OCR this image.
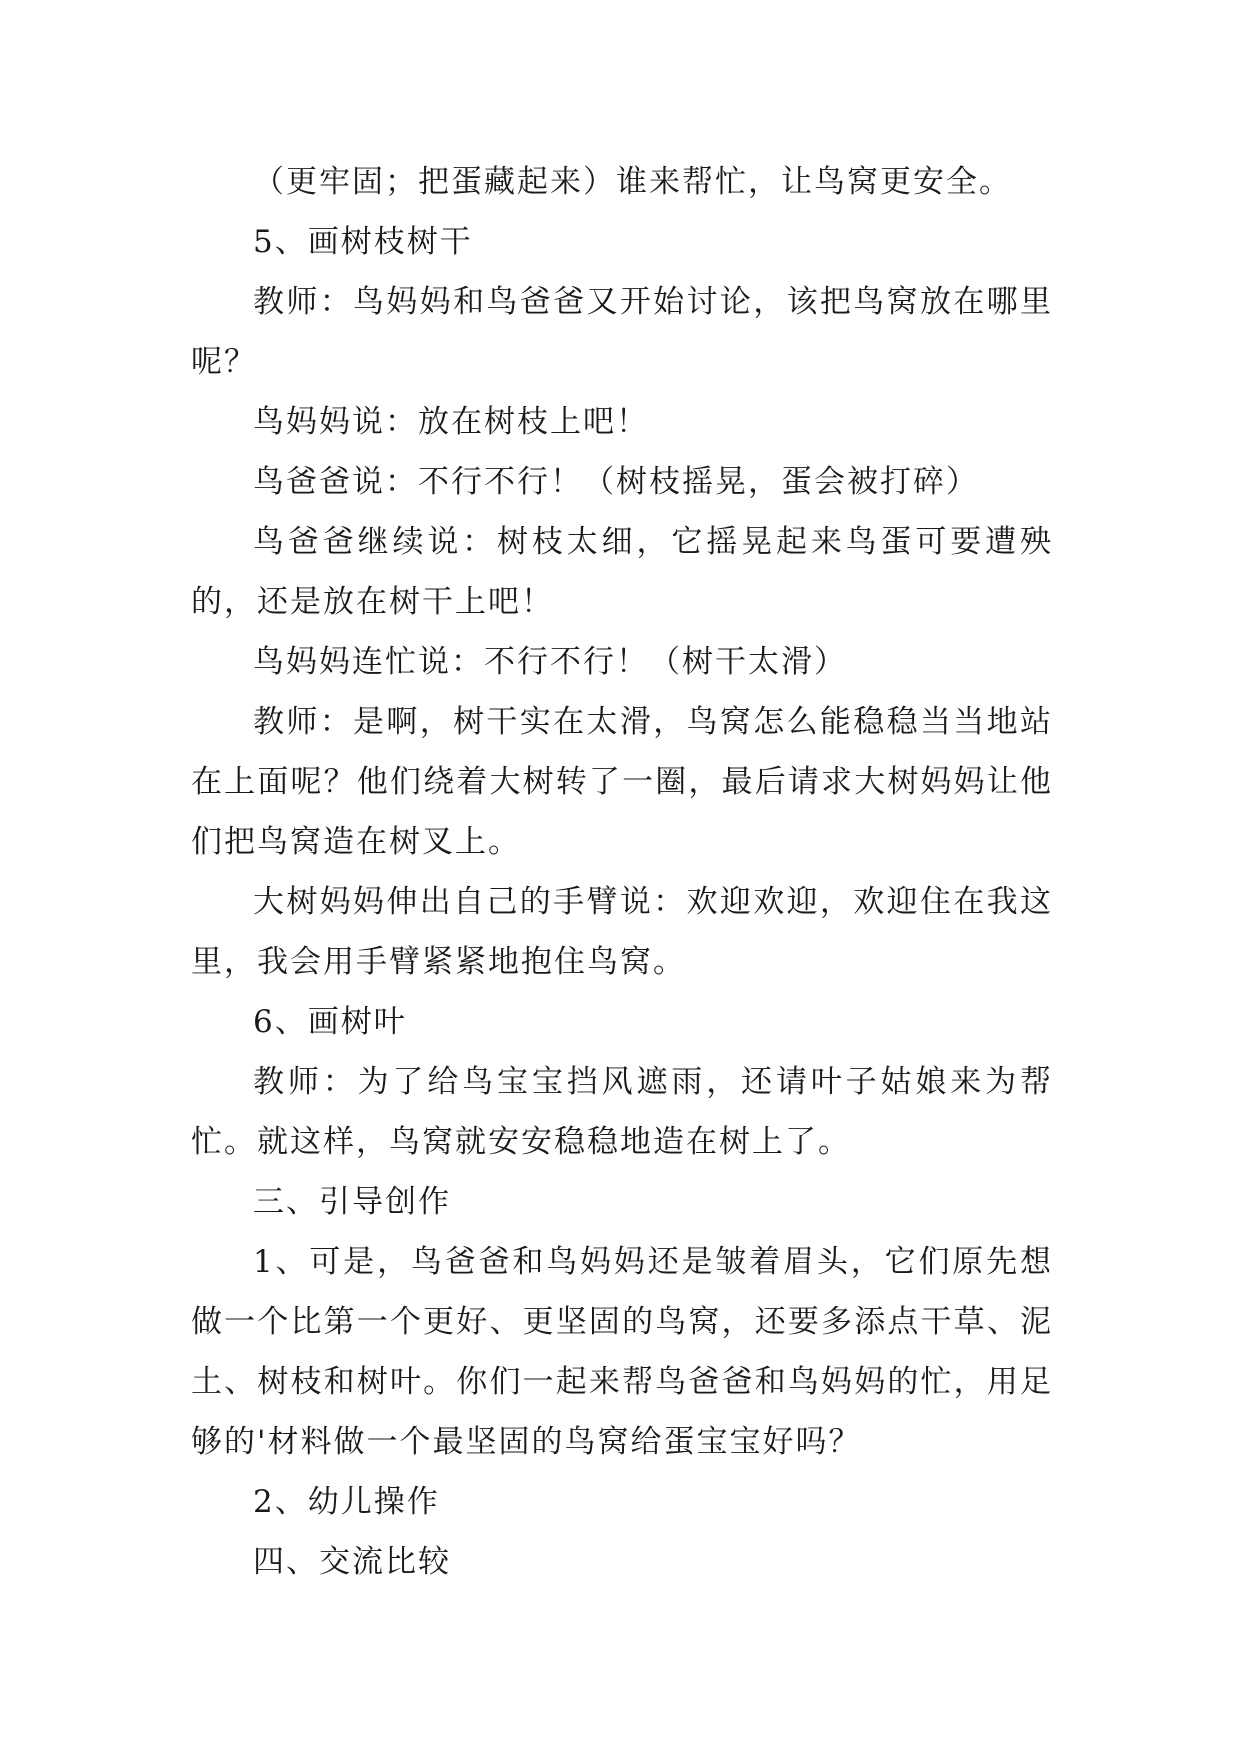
（更牢固；把蛋藏起来）谁来帮忙，让鸟窝更安全。

5、画树枝树干

教师：鸟妈妈和鸟爸爸又开始讨论，该把鸟窝放在哪里呢？

鸟妈妈说：放在树枝上吧！

鸟爸爸说：不行不行！（树枝摇晃，蛋会被打碎）

鸟爸爸继续说：树枝太细，它摇晃起来鸟蛋可要遭殃的，还是放在树干上吧！

鸟妈妈连忙说：不行不行！（树干太滑）

教师：是啊，树干实在太滑，鸟窝怎么能稳稳当当地站在上面呢？他们绕着大树转了一圈，最后请求大树妈妈让他们把鸟窝造在树叉上。

大树妈妈伸出自己的手臂说：欢迎欢迎，欢迎住在我这里，我会用手臂紧紧地抱住鸟窝。

6、画树叶

教师：为了给鸟宝宝挡风遮雨，还请叶子姑娘来为帮忙。就这样，鸟窝就安安稳稳地造在树上了。

三、引导创作

1、可是，鸟爸爸和鸟妈妈还是皱着眉头，它们原先想做一个比第一个更好、更坚固的鸟窝，还要多添点干草、泥土、树枝和树叶。你们一起来帮鸟爸爸和鸟妈妈的忙，用足够的'材料做一个最坚固的鸟窝给蛋宝宝好吗？

2、幼儿操作

四、交流比较
